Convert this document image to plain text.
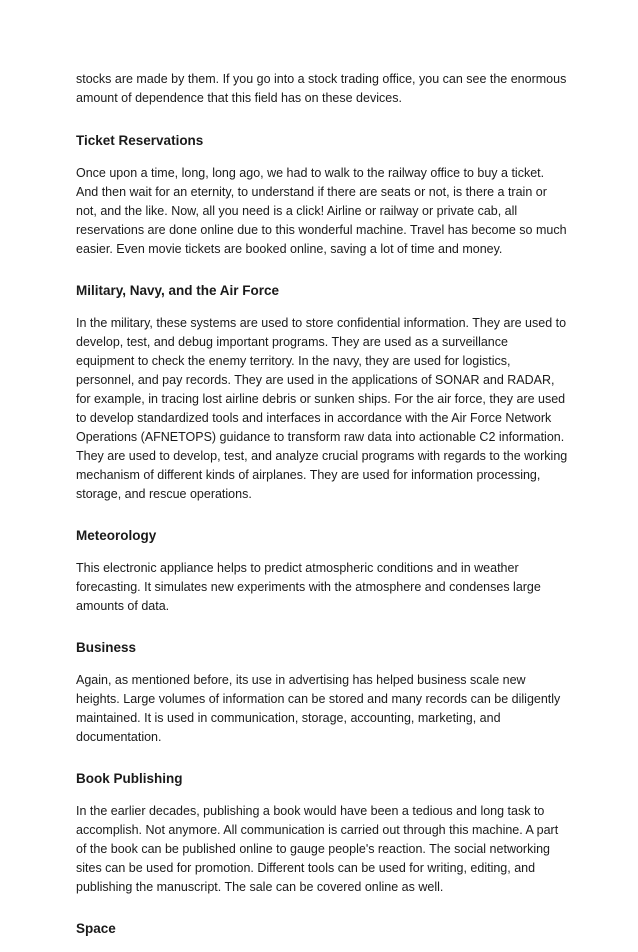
stocks are made by them. If you go into a stock trading office, you can see the enormous amount of dependence that this field has on these devices.

Ticket Reservations

Once upon a time, long, long ago, we had to walk to the railway office to buy a ticket. And then wait for an eternity, to understand if there are seats or not, is there a train or not, and the like. Now, all you need is a click! Airline or railway or private cab, all reservations are done online due to this wonderful machine. Travel has become so much easier. Even movie tickets are booked online, saving a lot of time and money.

Military, Navy, and the Air Force

In the military, these systems are used to store confidential information. They are used to develop, test, and debug important programs. They are used as a surveillance equipment to check the enemy territory. In the navy, they are used for logistics, personnel, and pay records. They are used in the applications of SONAR and RADAR, for example, in tracing lost airline debris or sunken ships. For the air force, they are used to develop standardized tools and interfaces in accordance with the Air Force Network Operations (AFNETOPS) guidance to transform raw data into actionable C2 information. They are used to develop, test, and analyze crucial programs with regards to the working mechanism of different kinds of airplanes. They are used for information processing, storage, and rescue operations.

Meteorology

This electronic appliance helps to predict atmospheric conditions and in weather forecasting. It simulates new experiments with the atmosphere and condenses large amounts of data.

Business

Again, as mentioned before, its use in advertising has helped business scale new heights. Large volumes of information can be stored and many records can be diligently maintained. It is used in communication, storage, accounting, marketing, and documentation.

Book Publishing

In the earlier decades, publishing a book would have been a tedious and long task to accomplish. Not anymore. All communication is carried out through this machine. A part of the book can be published online to gauge people's reaction. The social networking sites can be used for promotion. Different tools can be used for writing, editing, and publishing the manuscript. The sale can be covered online as well.

Space
